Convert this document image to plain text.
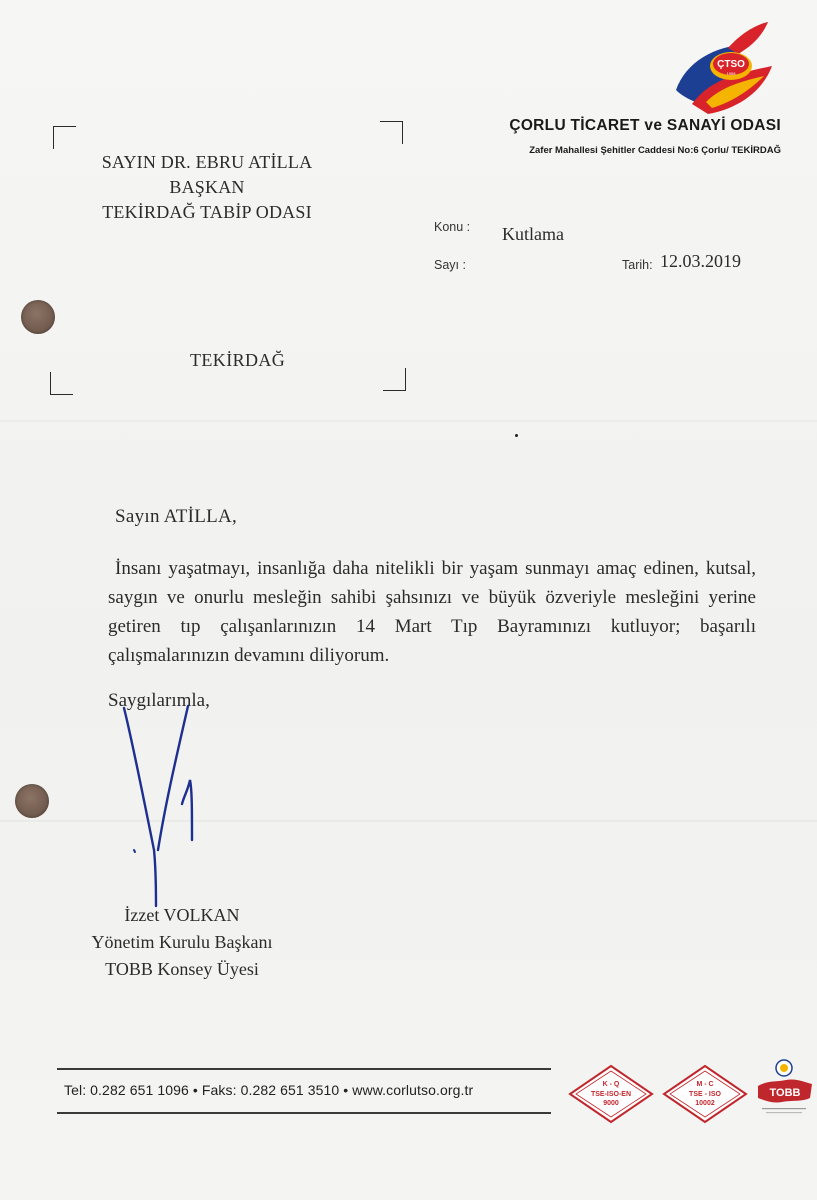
ÇTSO
1958
ÇORLU TİCARET ve SANAYİ ODASI
Zafer Mahallesi Şehitler Caddesi No:6 Çorlu/ TEKİRDAĞ
SAYIN DR. EBRU ATİLLA
BAŞKAN
TEKİRDAĞ TABİP ODASI
TEKİRDAĞ
Konu : Kutlama
Sayı :	Tarih: 12.03.2019
Sayın ATİLLA,
İnsanı yaşatmayı, insanlığa daha nitelikli bir yaşam sunmayı amaç edinen, kutsal, saygın ve onurlu mesleğin sahibi şahsınızı ve büyük özveriyle mesleğini yerine getiren tıp çalışanlarınızın 14 Mart Tıp Bayramınızı kutluyor; başarılı çalışmalarınızın devamını diliyorum.
Saygılarımla,
İzzet VOLKAN
Yönetim Kurulu Başkanı
TOBB Konsey Üyesi
Tel: 0.282 651 1096 • Faks: 0.282 651 3510 • www.corlutso.org.tr	K - Q
TSE-ISO-EN
9000
M - C
TSE - ISO
10002
TOBB
